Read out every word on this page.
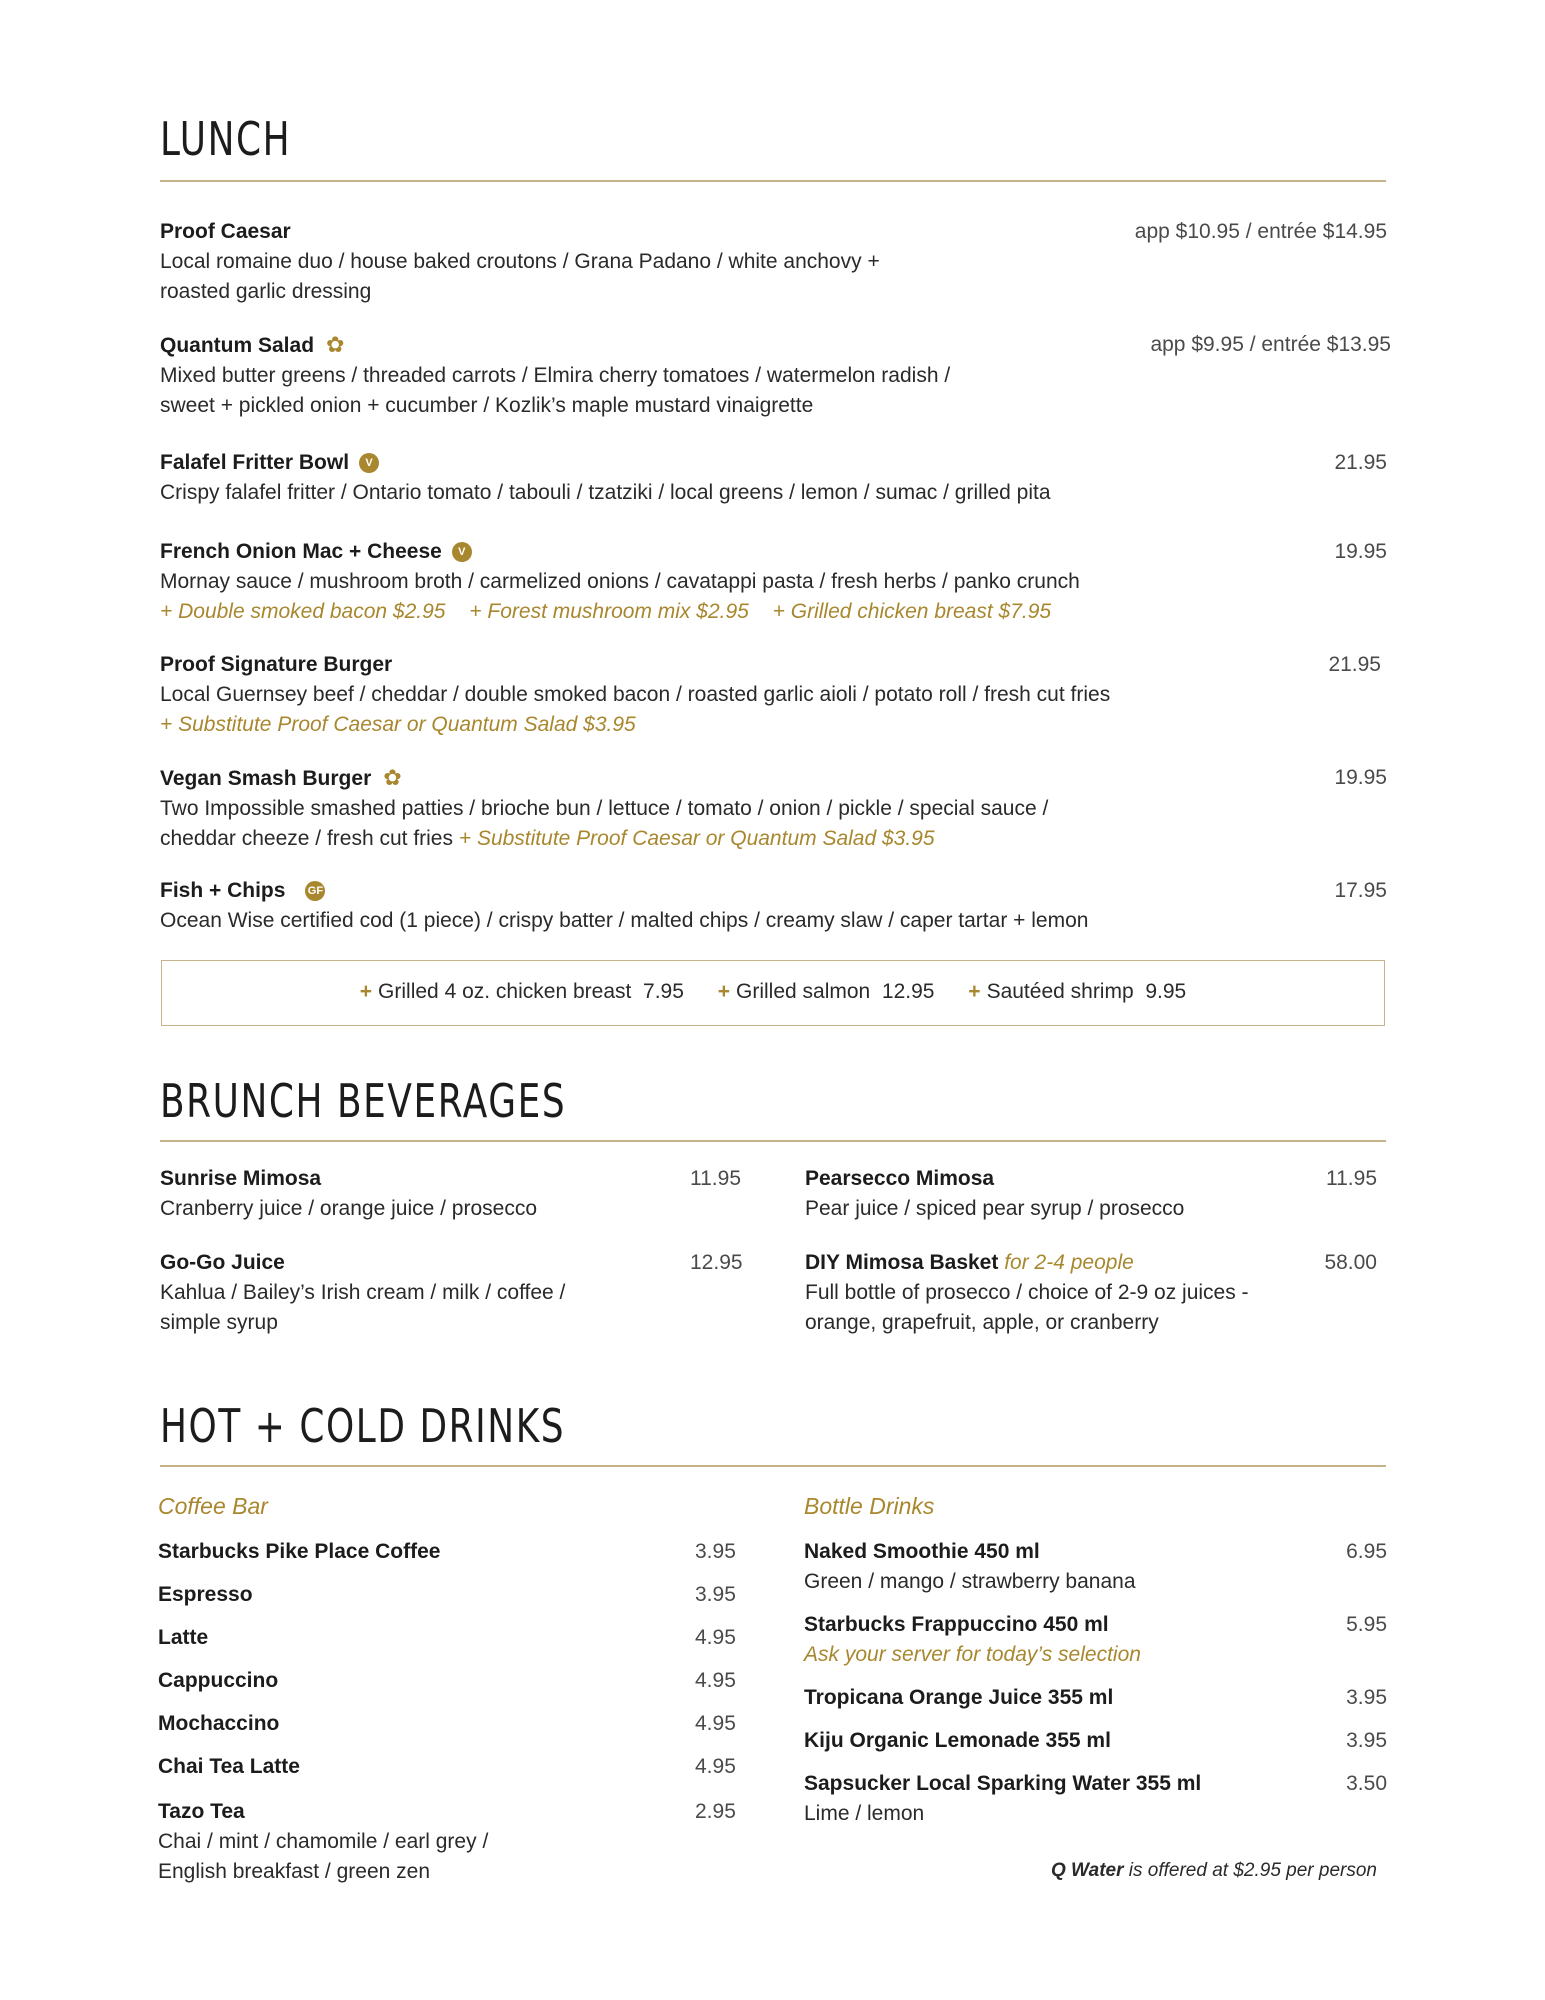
LUNCH
Proof Caesar
Local romaine duo / house baked croutons / Grana Padano / white anchovy +
roasted garlic dressing
app $10.95 / entrée $14.95
Quantum Salad ✿
Mixed butter greens / threaded carrots / Elmira cherry tomatoes / watermelon radish /
sweet + pickled onion + cucumber / Kozlik’s maple mustard vinaigrette
app $9.95 / entrée $13.95
Falafel Fritter Bowl V
Crispy falafel fritter / Ontario tomato / tabouli / tzatziki / local greens / lemon / sumac / grilled pita
21.95
French Onion Mac + Cheese V
Mornay sauce / mushroom broth / carmelized onions / cavatappi pasta / fresh herbs / panko crunch
+ Double smoked bacon $2.95 + Forest mushroom mix $2.95 + Grilled chicken breast $7.95
19.95
Proof Signature Burger
Local Guernsey beef / cheddar / double smoked bacon / roasted garlic aioli / potato roll / fresh cut fries
+ Substitute Proof Caesar or Quantum Salad $3.95
21.95
Vegan Smash Burger ✿
Two Impossible smashed patties / brioche bun / lettuce / tomato / onion / pickle / special sauce /
cheddar cheeze / fresh cut fries + Substitute Proof Caesar or Quantum Salad $3.95
19.95
Fish + Chips GF
Ocean Wise certified cod (1 piece) / crispy batter / malted chips / creamy slaw / caper tartar + lemon
17.95
+ Grilled 4 oz. chicken breast 7.95 + Grilled salmon 12.95 + Sautéed shrimp 9.95
BRUNCH BEVERAGES
Sunrise Mimosa
Cranberry juice / orange juice / prosecco
11.95
Go-Go Juice
Kahlua / Bailey’s Irish cream / milk / coffee /
simple syrup
12.95
Pearsecco Mimosa
Pear juice / spiced pear syrup / prosecco
11.95
DIY Mimosa Basket for 2-4 people
Full bottle of prosecco / choice of 2-9 oz juices -
orange, grapefruit, apple, or cranberry
58.00
HOT + COLD DRINKS
Coffee Bar
Starbucks Pike Place Coffee	3.95
Espresso	3.95
Latte	4.95
Cappuccino	4.95
Mochaccino	4.95
Chai Tea Latte	4.95
Tazo Tea
Chai / mint / chamomile / earl grey /
English breakfast / green zen
2.95
Bottle Drinks
Naked Smoothie 450 ml
Green / mango / strawberry banana
6.95
Starbucks Frappuccino 450 ml
Ask your server for today’s selection
5.95
Tropicana Orange Juice 355 ml	3.95
Kiju Organic Lemonade 355 ml	3.95
Sapsucker Local Sparking Water 355 ml
Lime / lemon
3.50
Q Water is offered at $2.95 per person
